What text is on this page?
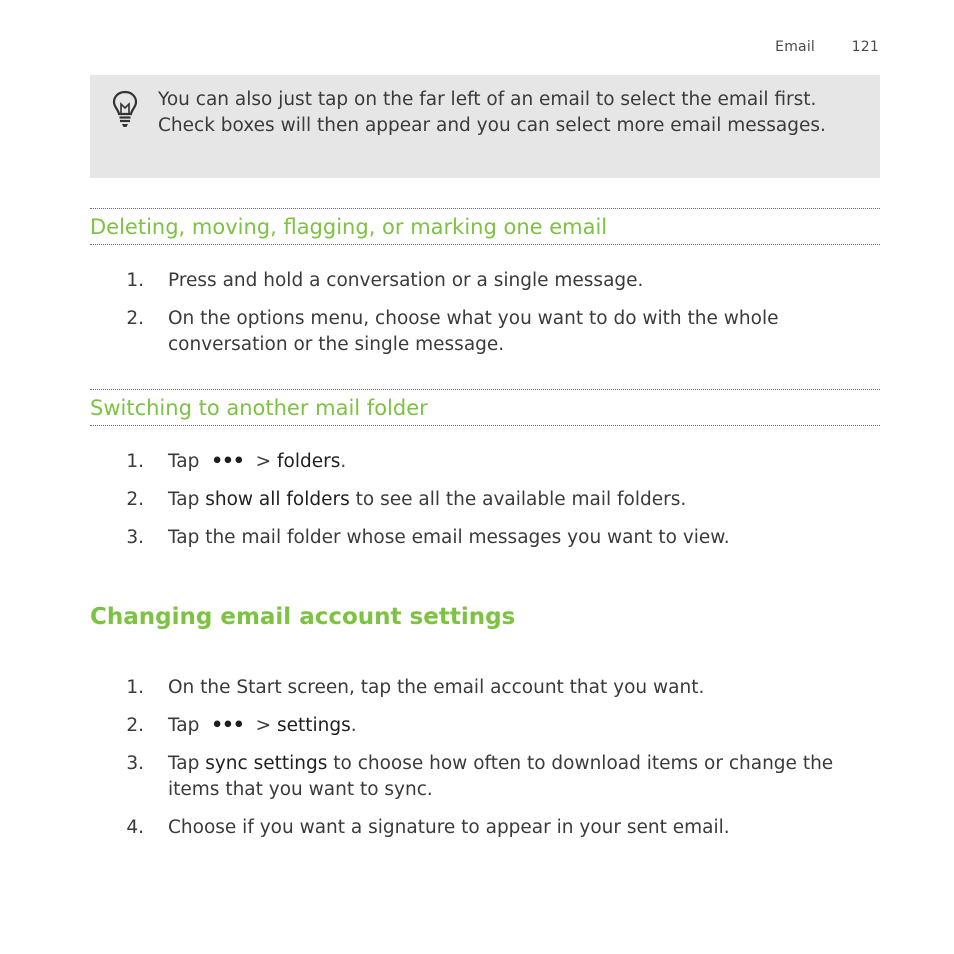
Email	121
You can also just tap on the far left of an email to select the email first. Check boxes will then appear and you can select more email messages.
Deleting, moving, flagging, or marking one email
1. Press and hold a conversation or a single message.
2. On the options menu, choose what you want to do with the whole conversation or the single message.
Switching to another mail folder
1. Tap ••• > folders.
2. Tap show all folders to see all the available mail folders.
3. Tap the mail folder whose email messages you want to view.
Changing email account settings
1. On the Start screen, tap the email account that you want.
2. Tap ••• > settings.
3. Tap sync settings to choose how often to download items or change the items that you want to sync.
4. Choose if you want a signature to appear in your sent email.
